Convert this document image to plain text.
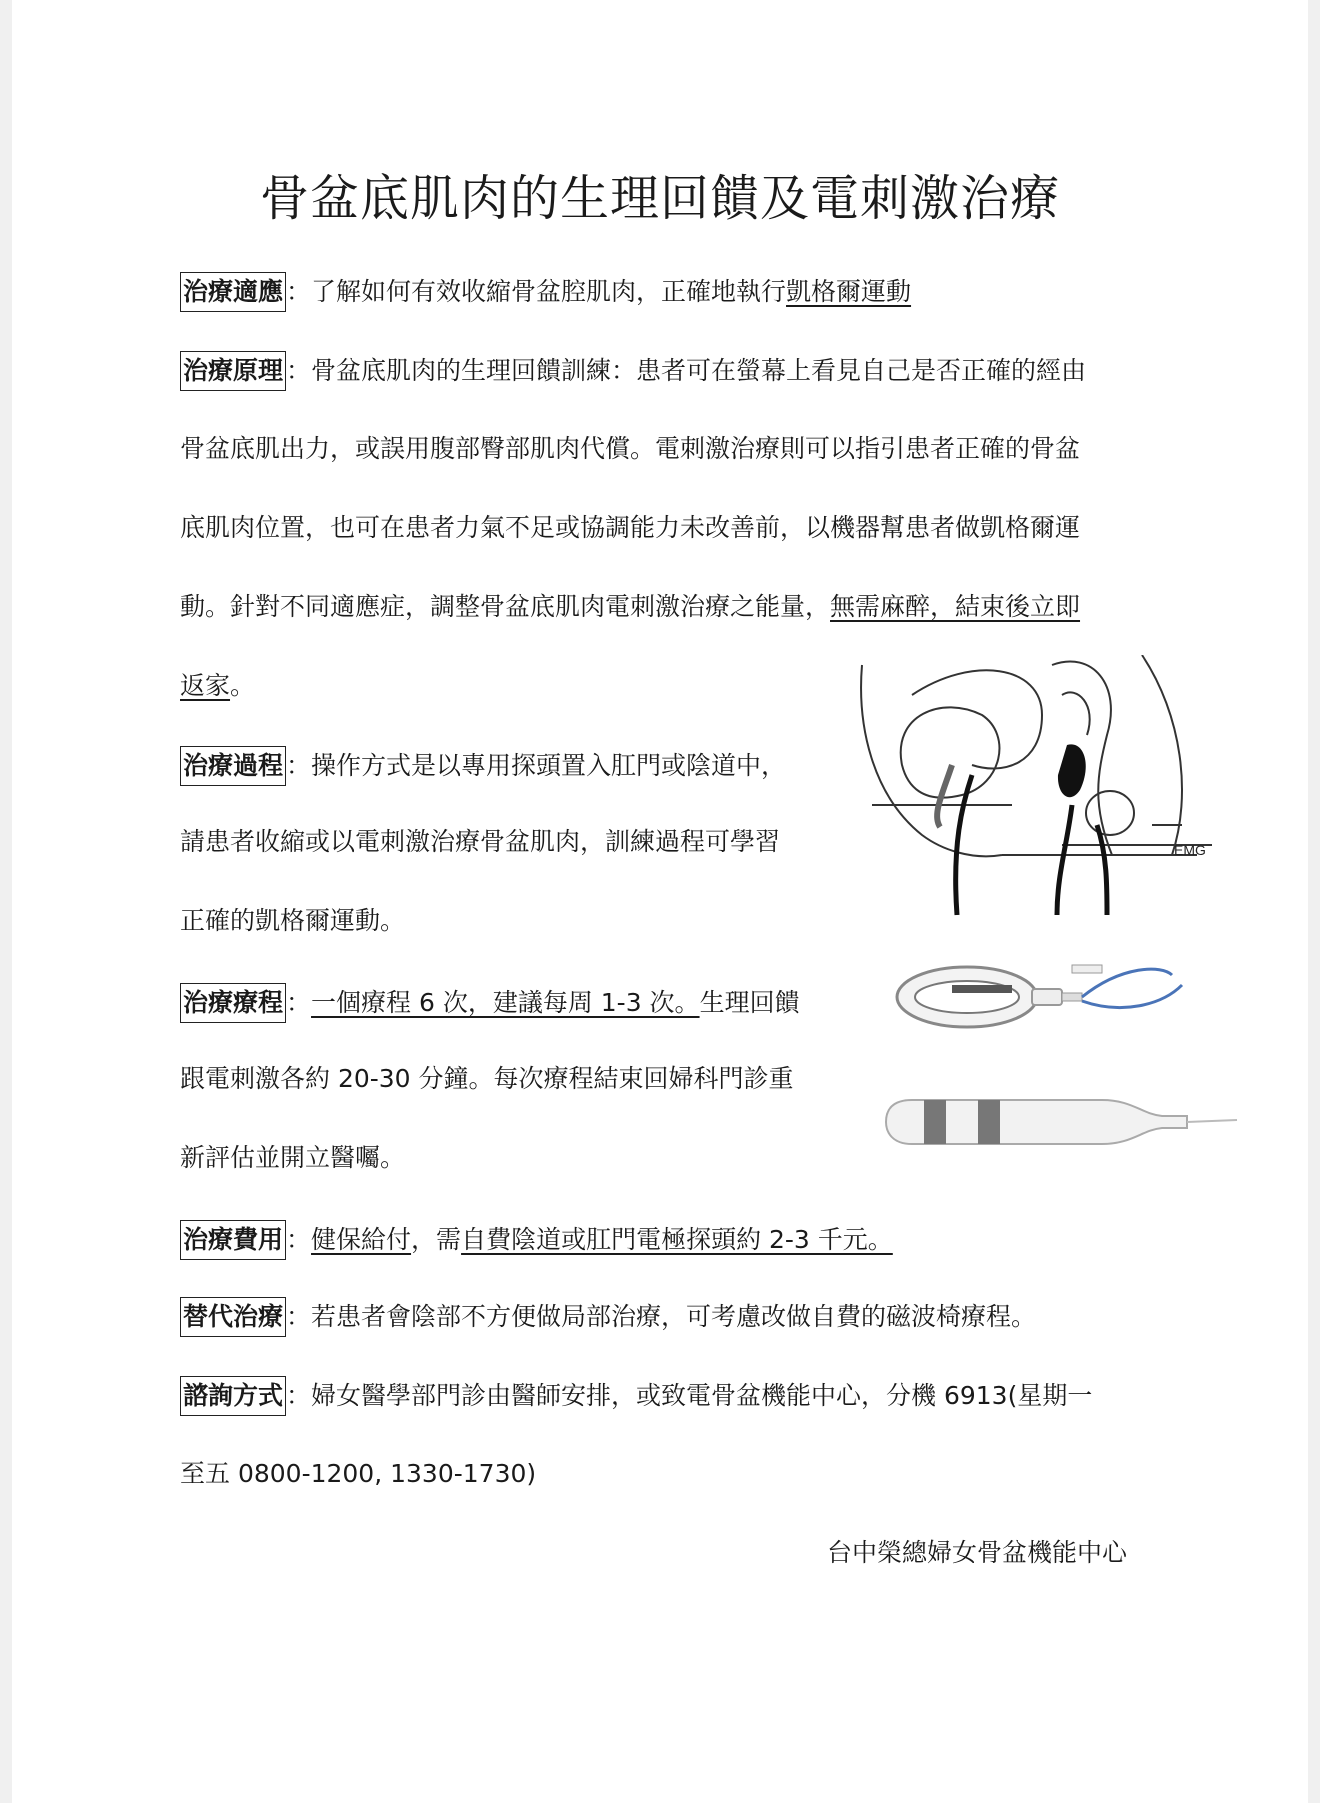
骨盆底肌肉的生理回饋及電刺激治療
治療適應 ：了解如何有效收縮骨盆腔肌肉，正確地執行凱格爾運動
治療原理 ：骨盆底肌肉的生理回饋訓練：患者可在螢幕上看見自己是否正確的經由
骨盆底肌出力，或誤用腹部臀部肌肉代償。電刺激治療則可以指引患者正確的骨盆
底肌肉位置，也可在患者力氣不足或協調能力未改善前，以機器幫患者做凱格爾運
動。針對不同適應症，調整骨盆底肌肉電刺激治療之能量，無需麻醉，結束後立即
返家。
治療過程 ：操作方式是以專用探頭置入肛門或陰道中，
請患者收縮或以電刺激治療骨盆肌肉，訓練過程可學習
正確的凱格爾運動。
治療療程 ：一個療程 6 次，建議每周 1-3 次。生理回饋
跟電刺激各約 20-30 分鐘。每次療程結束回婦科門診重
新評估並開立醫囑。
治療費用 ：健保給付，需自費陰道或肛門電極探頭約 2-3 千元。
替代治療 ：若患者會陰部不方便做局部治療，可考慮改做自費的磁波椅療程。
諮詢方式 ：婦女醫學部門診由醫師安排，或致電骨盆機能中心，分機 6913(星期一
至五 0800-1200, 1330-1730)
台中榮總婦女骨盆機能中心
EMG
